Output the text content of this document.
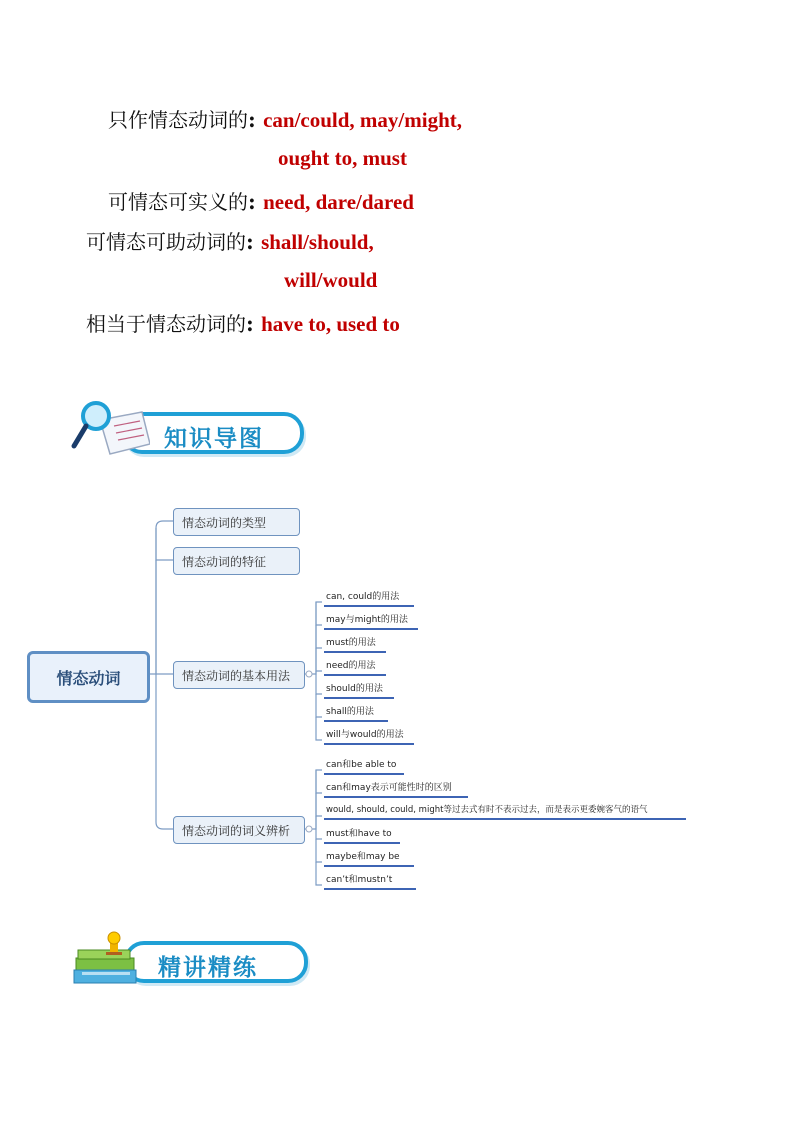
只作情态动词的: can/could, may/might,
ought to, must
可情态可实义的: need, dare/dared
可情态可助动词的: shall/should,
will/would
相当于情态动词的: have to, used to
知识导图
情态动词
情态动词的类型
情态动词的特征
情态动词的基本用法
情态动词的词义辨析
can, could的用法
may与might的用法
must的用法
need的用法
should的用法
shall的用法
will与would的用法
can和be able to
can和may表示可能性时的区别
would, should, could, might等过去式有时不表示过去，而是表示更委婉客气的语气
must和have to
maybe和may be
can’t和mustn’t
精讲精练
